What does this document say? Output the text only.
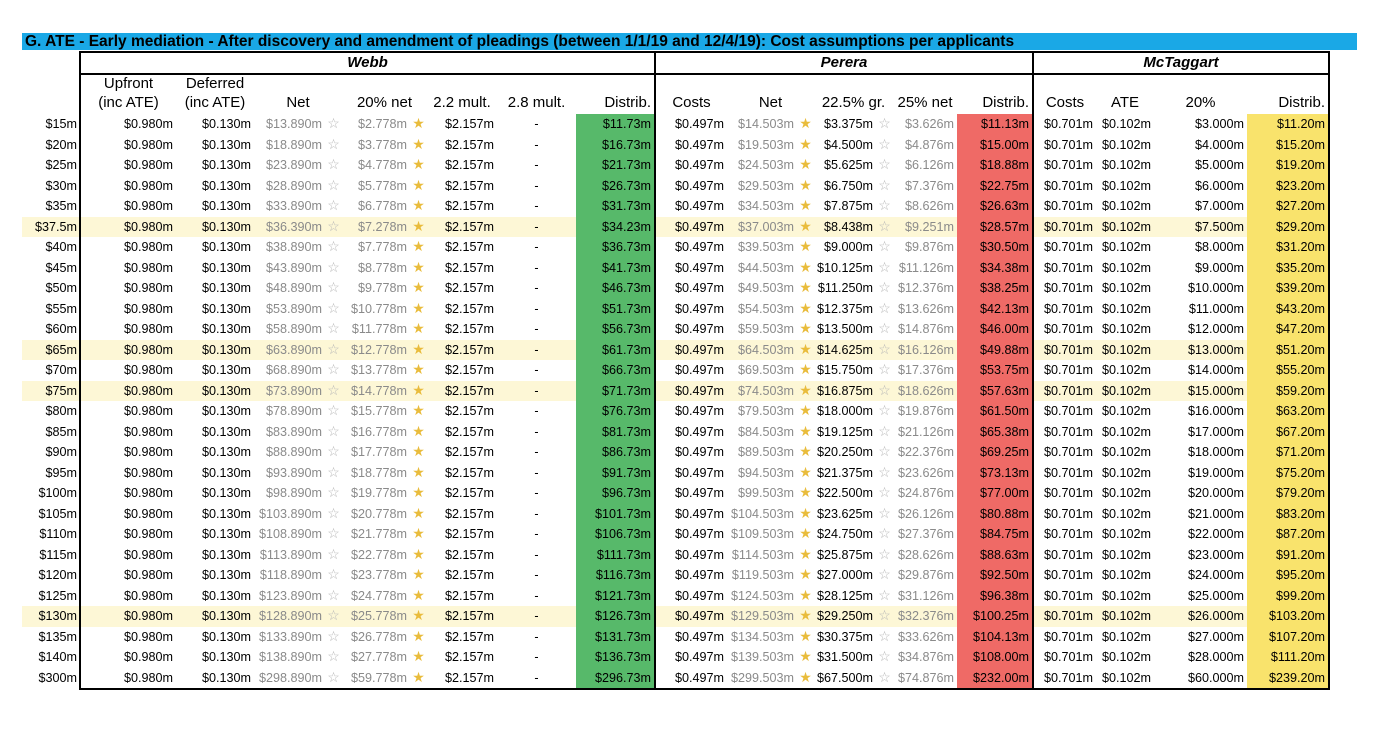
G. ATE - Early mediation - After discovery and amendment of pleadings (between 1/1/19 and 12/4/19): Cost assumptions per applicants
	Webb									Perera							McTaggart			
	Upfront	Deferred																		
	(inc ATE)	(inc ATE)	Net		20% net		2.2 mult.	2.8 mult.	Distrib.	Costs	Net		22.5% gr.		25% net	Distrib.	Costs	ATE	20%	Distrib.
$15m	$0.980m	$0.130m	$13.890m	☆	$2.778m	★	$2.157m	-	$11.73m	$0.497m	$14.503m	★	$3.375m	☆	$3.626m	$11.13m	$0.701m	$0.102m	$3.000m	$11.20m
$20m	$0.980m	$0.130m	$18.890m	☆	$3.778m	★	$2.157m	-	$16.73m	$0.497m	$19.503m	★	$4.500m	☆	$4.876m	$15.00m	$0.701m	$0.102m	$4.000m	$15.20m
$25m	$0.980m	$0.130m	$23.890m	☆	$4.778m	★	$2.157m	-	$21.73m	$0.497m	$24.503m	★	$5.625m	☆	$6.126m	$18.88m	$0.701m	$0.102m	$5.000m	$19.20m
$30m	$0.980m	$0.130m	$28.890m	☆	$5.778m	★	$2.157m	-	$26.73m	$0.497m	$29.503m	★	$6.750m	☆	$7.376m	$22.75m	$0.701m	$0.102m	$6.000m	$23.20m
$35m	$0.980m	$0.130m	$33.890m	☆	$6.778m	★	$2.157m	-	$31.73m	$0.497m	$34.503m	★	$7.875m	☆	$8.626m	$26.63m	$0.701m	$0.102m	$7.000m	$27.20m
$37.5m	$0.980m	$0.130m	$36.390m	☆	$7.278m	★	$2.157m	-	$34.23m	$0.497m	$37.003m	★	$8.438m	☆	$9.251m	$28.57m	$0.701m	$0.102m	$7.500m	$29.20m
$40m	$0.980m	$0.130m	$38.890m	☆	$7.778m	★	$2.157m	-	$36.73m	$0.497m	$39.503m	★	$9.000m	☆	$9.876m	$30.50m	$0.701m	$0.102m	$8.000m	$31.20m
$45m	$0.980m	$0.130m	$43.890m	☆	$8.778m	★	$2.157m	-	$41.73m	$0.497m	$44.503m	★	$10.125m	☆	$11.126m	$34.38m	$0.701m	$0.102m	$9.000m	$35.20m
$50m	$0.980m	$0.130m	$48.890m	☆	$9.778m	★	$2.157m	-	$46.73m	$0.497m	$49.503m	★	$11.250m	☆	$12.376m	$38.25m	$0.701m	$0.102m	$10.000m	$39.20m
$55m	$0.980m	$0.130m	$53.890m	☆	$10.778m	★	$2.157m	-	$51.73m	$0.497m	$54.503m	★	$12.375m	☆	$13.626m	$42.13m	$0.701m	$0.102m	$11.000m	$43.20m
$60m	$0.980m	$0.130m	$58.890m	☆	$11.778m	★	$2.157m	-	$56.73m	$0.497m	$59.503m	★	$13.500m	☆	$14.876m	$46.00m	$0.701m	$0.102m	$12.000m	$47.20m
$65m	$0.980m	$0.130m	$63.890m	☆	$12.778m	★	$2.157m	-	$61.73m	$0.497m	$64.503m	★	$14.625m	☆	$16.126m	$49.88m	$0.701m	$0.102m	$13.000m	$51.20m
$70m	$0.980m	$0.130m	$68.890m	☆	$13.778m	★	$2.157m	-	$66.73m	$0.497m	$69.503m	★	$15.750m	☆	$17.376m	$53.75m	$0.701m	$0.102m	$14.000m	$55.20m
$75m	$0.980m	$0.130m	$73.890m	☆	$14.778m	★	$2.157m	-	$71.73m	$0.497m	$74.503m	★	$16.875m	☆	$18.626m	$57.63m	$0.701m	$0.102m	$15.000m	$59.20m
$80m	$0.980m	$0.130m	$78.890m	☆	$15.778m	★	$2.157m	-	$76.73m	$0.497m	$79.503m	★	$18.000m	☆	$19.876m	$61.50m	$0.701m	$0.102m	$16.000m	$63.20m
$85m	$0.980m	$0.130m	$83.890m	☆	$16.778m	★	$2.157m	-	$81.73m	$0.497m	$84.503m	★	$19.125m	☆	$21.126m	$65.38m	$0.701m	$0.102m	$17.000m	$67.20m
$90m	$0.980m	$0.130m	$88.890m	☆	$17.778m	★	$2.157m	-	$86.73m	$0.497m	$89.503m	★	$20.250m	☆	$22.376m	$69.25m	$0.701m	$0.102m	$18.000m	$71.20m
$95m	$0.980m	$0.130m	$93.890m	☆	$18.778m	★	$2.157m	-	$91.73m	$0.497m	$94.503m	★	$21.375m	☆	$23.626m	$73.13m	$0.701m	$0.102m	$19.000m	$75.20m
$100m	$0.980m	$0.130m	$98.890m	☆	$19.778m	★	$2.157m	-	$96.73m	$0.497m	$99.503m	★	$22.500m	☆	$24.876m	$77.00m	$0.701m	$0.102m	$20.000m	$79.20m
$105m	$0.980m	$0.130m	$103.890m	☆	$20.778m	★	$2.157m	-	$101.73m	$0.497m	$104.503m	★	$23.625m	☆	$26.126m	$80.88m	$0.701m	$0.102m	$21.000m	$83.20m
$110m	$0.980m	$0.130m	$108.890m	☆	$21.778m	★	$2.157m	-	$106.73m	$0.497m	$109.503m	★	$24.750m	☆	$27.376m	$84.75m	$0.701m	$0.102m	$22.000m	$87.20m
$115m	$0.980m	$0.130m	$113.890m	☆	$22.778m	★	$2.157m	-	$111.73m	$0.497m	$114.503m	★	$25.875m	☆	$28.626m	$88.63m	$0.701m	$0.102m	$23.000m	$91.20m
$120m	$0.980m	$0.130m	$118.890m	☆	$23.778m	★	$2.157m	-	$116.73m	$0.497m	$119.503m	★	$27.000m	☆	$29.876m	$92.50m	$0.701m	$0.102m	$24.000m	$95.20m
$125m	$0.980m	$0.130m	$123.890m	☆	$24.778m	★	$2.157m	-	$121.73m	$0.497m	$124.503m	★	$28.125m	☆	$31.126m	$96.38m	$0.701m	$0.102m	$25.000m	$99.20m
$130m	$0.980m	$0.130m	$128.890m	☆	$25.778m	★	$2.157m	-	$126.73m	$0.497m	$129.503m	★	$29.250m	☆	$32.376m	$100.25m	$0.701m	$0.102m	$26.000m	$103.20m
$135m	$0.980m	$0.130m	$133.890m	☆	$26.778m	★	$2.157m	-	$131.73m	$0.497m	$134.503m	★	$30.375m	☆	$33.626m	$104.13m	$0.701m	$0.102m	$27.000m	$107.20m
$140m	$0.980m	$0.130m	$138.890m	☆	$27.778m	★	$2.157m	-	$136.73m	$0.497m	$139.503m	★	$31.500m	☆	$34.876m	$108.00m	$0.701m	$0.102m	$28.000m	$111.20m
$300m	$0.980m	$0.130m	$298.890m	☆	$59.778m	★	$2.157m	-	$296.73m	$0.497m	$299.503m	★	$67.500m	☆	$74.876m	$232.00m	$0.701m	$0.102m	$60.000m	$239.20m
